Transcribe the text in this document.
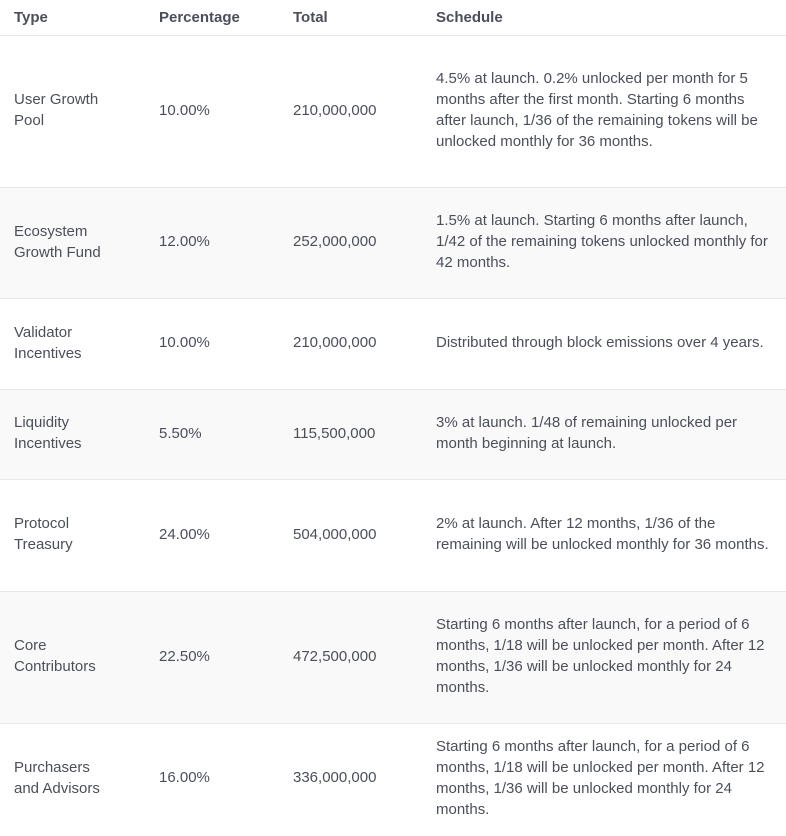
Type	Percentage	Total	Schedule
User Growth Pool	10.00%	210,000,000	4.5% at launch. 0.2% unlocked per month for 5 months after the first month. Starting 6 months after launch, 1/36 of the remaining tokens will be unlocked monthly for 36 months.
Ecosystem Growth Fund	12.00%	252,000,000	1.5% at launch. Starting 6 months after launch, 1/42 of the remaining tokens unlocked monthly for 42 months.
Validator Incentives	10.00%	210,000,000	Distributed through block emissions over 4 years.
Liquidity Incentives	5.50%	115,500,000	3% at launch. 1/48 of remaining unlocked per month beginning at launch.
Protocol Treasury	24.00%	504,000,000	2% at launch. After 12 months, 1/36 of the remaining will be unlocked monthly for 36 months.
Core Contributors	22.50%	472,500,000	Starting 6 months after launch, for a period of 6 months, 1/18 will be unlocked per month. After 12 months, 1/36 will be unlocked monthly for 24 months.
Purchasers and Advisors	16.00%	336,000,000	Starting 6 months after launch, for a period of 6 months, 1/18 will be unlocked per month. After 12 months, 1/36 will be unlocked monthly for 24 months.
